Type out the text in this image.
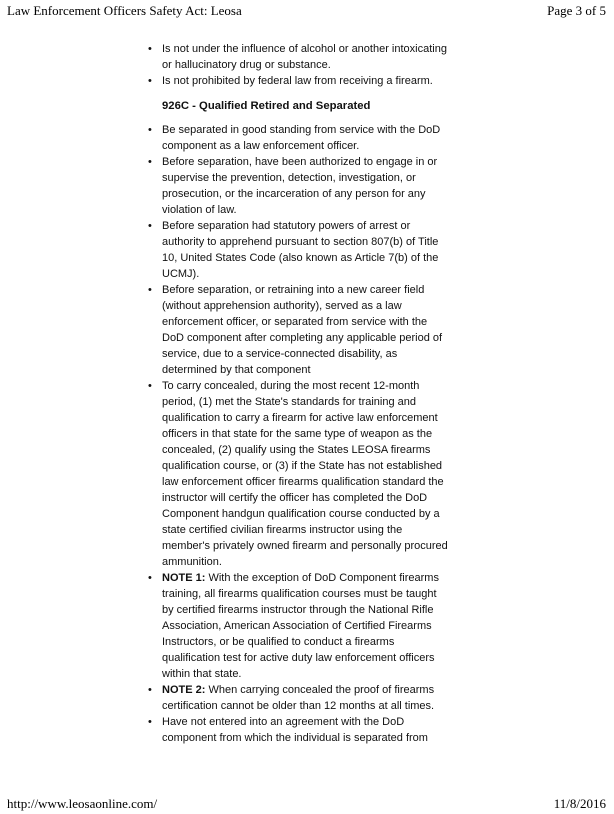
Law Enforcement Officers Safety Act: Leosa	Page 3 of 5
• Is not under the influence of alcohol or another intoxicating
or hallucinatory drug or substance.
• Is not prohibited by federal law from receiving a firearm.
926C - Qualified Retired and Separated
• Be separated in good standing from service with the DoD
component as a law enforcement officer.
• Before separation, have been authorized to engage in or
supervise the prevention, detection, investigation, or
prosecution, or the incarceration of any person for any
violation of law.
• Before separation had statutory powers of arrest or
authority to apprehend pursuant to section 807(b) of Title
10, United States Code (also known as Article 7(b) of the
UCMJ).
• Before separation, or retraining into a new career field
(without apprehension authority), served as a law
enforcement officer, or separated from service with the
DoD component after completing any applicable period of
service, due to a service-connected disability, as
determined by that component
• To carry concealed, during the most recent 12-month
period, (1) met the State's standards for training and
qualification to carry a firearm for active law enforcement
officers in that state for the same type of weapon as the
concealed, (2) qualify using the States LEOSA firearms
qualification course, or (3) if the State has not established
law enforcement officer firearms qualification standard the
instructor will certify the officer has completed the DoD
Component handgun qualification course conducted by a
state certified civilian firearms instructor using the
member's privately owned firearm and personally procured
ammunition.
• NOTE 1: With the exception of DoD Component firearms
training, all firearms qualification courses must be taught
by certified firearms instructor through the National Rifle
Association, American Association of Certified Firearms
Instructors, or be qualified to conduct a firearms
qualification test for active duty law enforcement officers
within that state.
• NOTE 2: When carrying concealed the proof of firearms
certification cannot be older than 12 months at all times.
• Have not entered into an agreement with the DoD
component from which the individual is separated from
http://www.leosaonline.com/	11/8/2016
